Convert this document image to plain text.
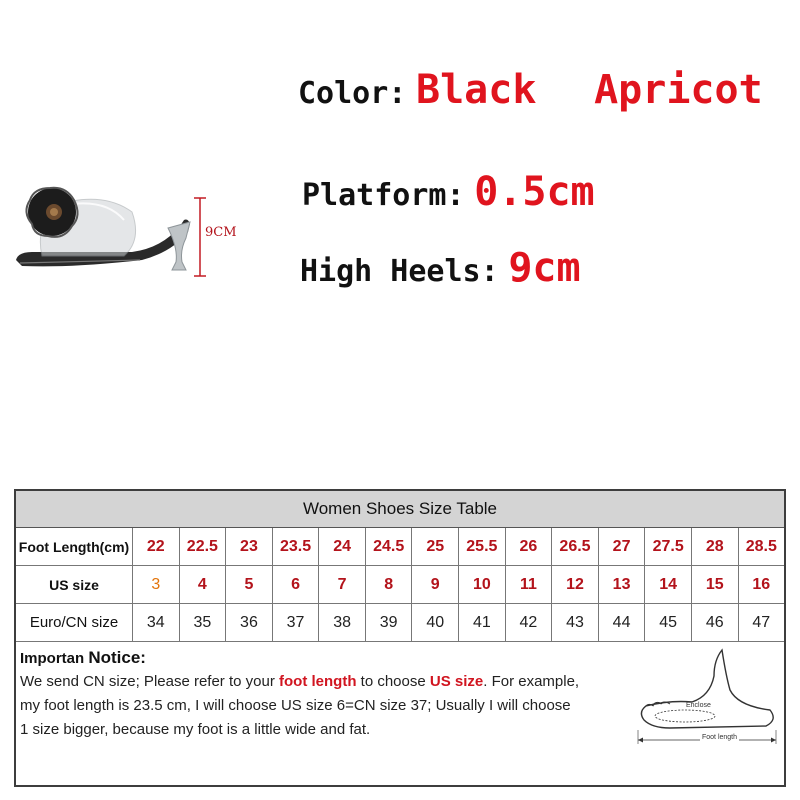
Color: Black Apricot
Platform: 0.5cm
High Heels: 9cm
9CM
Women Shoes Size Table
Foot Length(cm)	22	22.5	23	23.5	24	24.5	25	25.5	26	26.5	27	27.5	28	28.5
US size	3	4	5	6	7	8	9	10	11	12	13	14	15	16
Euro/CN size	34	35	36	37	38	39	40	41	42	43	44	45	46	47
Importan Notice:
We send CN size; Please refer to your foot length to choose US size. For example,
my foot length is 23.5 cm, I will choose US size 6=CN size 37; Usually I will choose
1 size bigger, because my foot is a little wide and fat.
Enclose
Foot length
